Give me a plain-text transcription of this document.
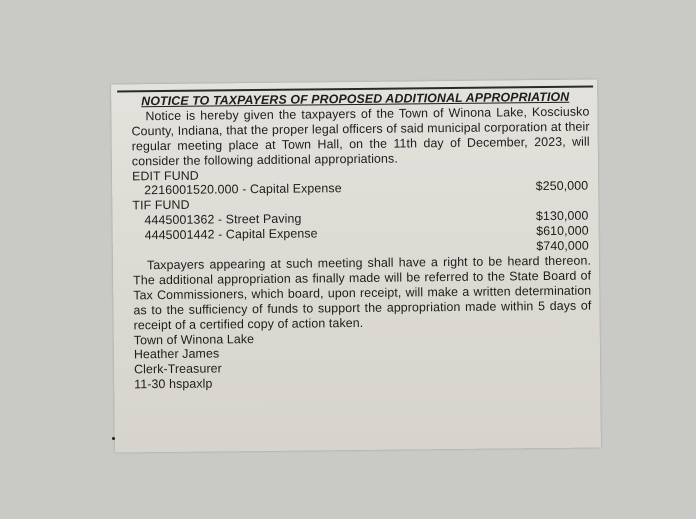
NOTICE TO TAXPAYERS OF PROPOSED ADDITIONAL APPROPRIATION
Notice is hereby given the taxpayers of the Town of Winona Lake, Kosciusko County, Indiana, that the proper legal officers of said municipal corporation at their regular meeting place at Town Hall, on the 11th day of December, 2023, will consider the following additional appropriations.
EDIT FUND
2216001520.000 - Capital Expense	$250,000
TIF FUND
4445001362 - Street Paving	$130,000
4445001442 - Capital Expense	$610,000
$740,000
Taxpayers appearing at such meeting shall have a right to be heard thereon. The additional appropriation as finally made will be referred to the State Board of Tax Commissioners, which board, upon receipt, will make a written determination as to the sufficiency of funds to support the appropriation made within 5 days of receipt of a certified copy of action taken.
Town of Winona Lake
Heather James
Clerk-Treasurer
11-30 hspaxlp
